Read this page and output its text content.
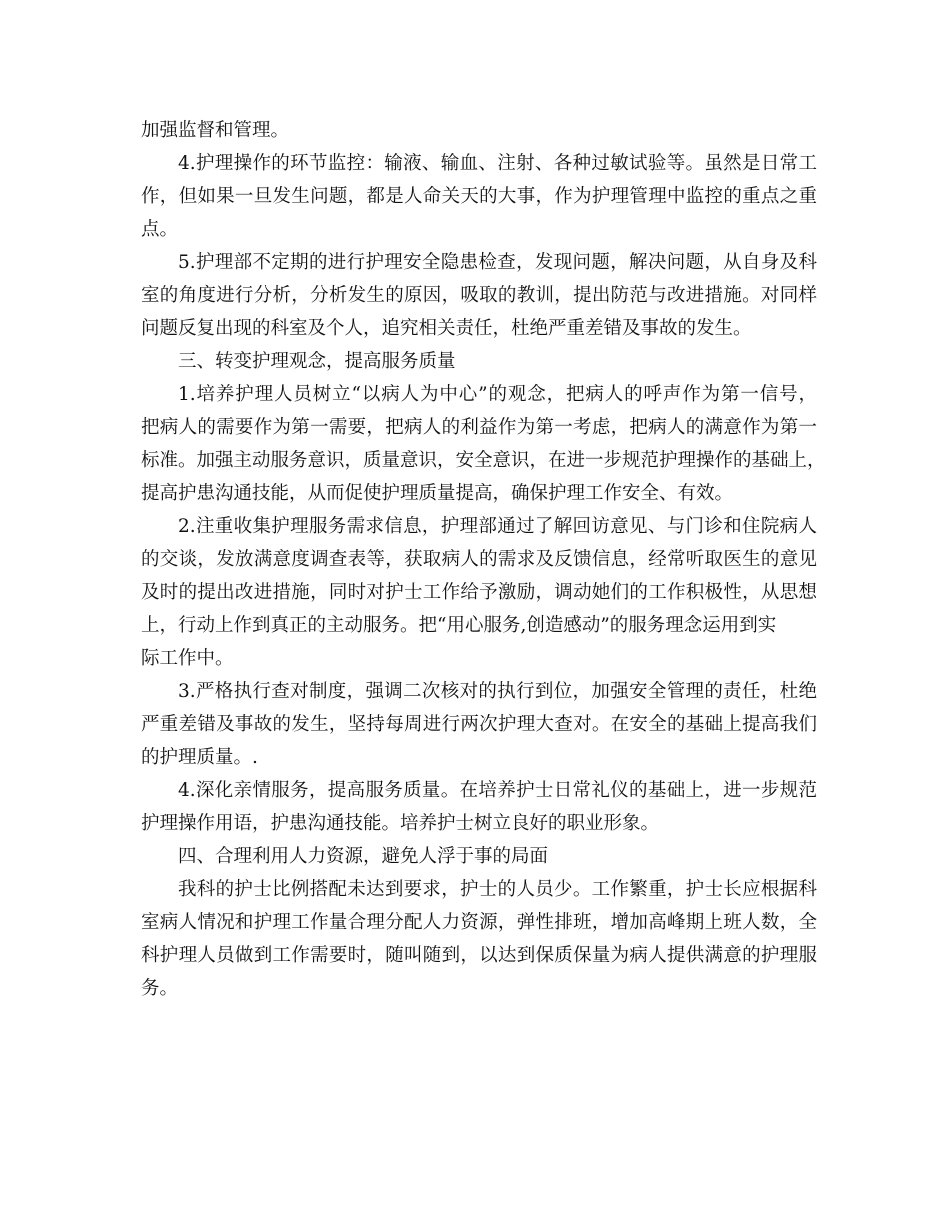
加强监督和管理。
4.护理操作的环节监控：输液、输血、注射、各种过敏试验等。虽然是日常工
作，但如果一旦发生问题，都是人命关天的大事，作为护理管理中监控的重点之重
点。
5.护理部不定期的进行护理安全隐患检查，发现问题，解决问题，从自身及科
室的角度进行分析，分析发生的原因，吸取的教训，提出防范与改进措施。对同样
问题反复出现的科室及个人，追究相关责任，杜绝严重差错及事故的发生。
三、转变护理观念，提高服务质量
1.培养护理人员树立“以病人为中心”的观念，把病人的呼声作为第一信号，
把病人的需要作为第一需要，把病人的利益作为第一考虑，把病人的满意作为第一
标准。加强主动服务意识，质量意识，安全意识，在进一步规范护理操作的基础上，
提高护患沟通技能，从而促使护理质量提高，确保护理工作安全、有效。
2.注重收集护理服务需求信息，护理部通过了解回访意见、与门诊和住院病人
的交谈，发放满意度调查表等，获取病人的需求及反馈信息，经常听取医生的意见
及时的提出改进措施，同时对护士工作给予激励，调动她们的工作积极性，从思想
上，行动上作到真正的主动服务。把“用心服务,创造感动”的服务理念运用到实
际工作中。
3.严格执行查对制度，强调二次核对的执行到位，加强安全管理的责任，杜绝
严重差错及事故的发生，坚持每周进行两次护理大查对。在安全的基础上提高我们
的护理质量。.
4.深化亲情服务，提高服务质量。在培养护士日常礼仪的基础上，进一步规范
护理操作用语，护患沟通技能。培养护士树立良好的职业形象。
四、合理利用人力资源，避免人浮于事的局面
我科的护士比例搭配未达到要求，护士的人员少。工作繁重，护士长应根据科
室病人情况和护理工作量合理分配人力资源，弹性排班，增加高峰期上班人数，全
科护理人员做到工作需要时，随叫随到，以达到保质保量为病人提供满意的护理服
务。
